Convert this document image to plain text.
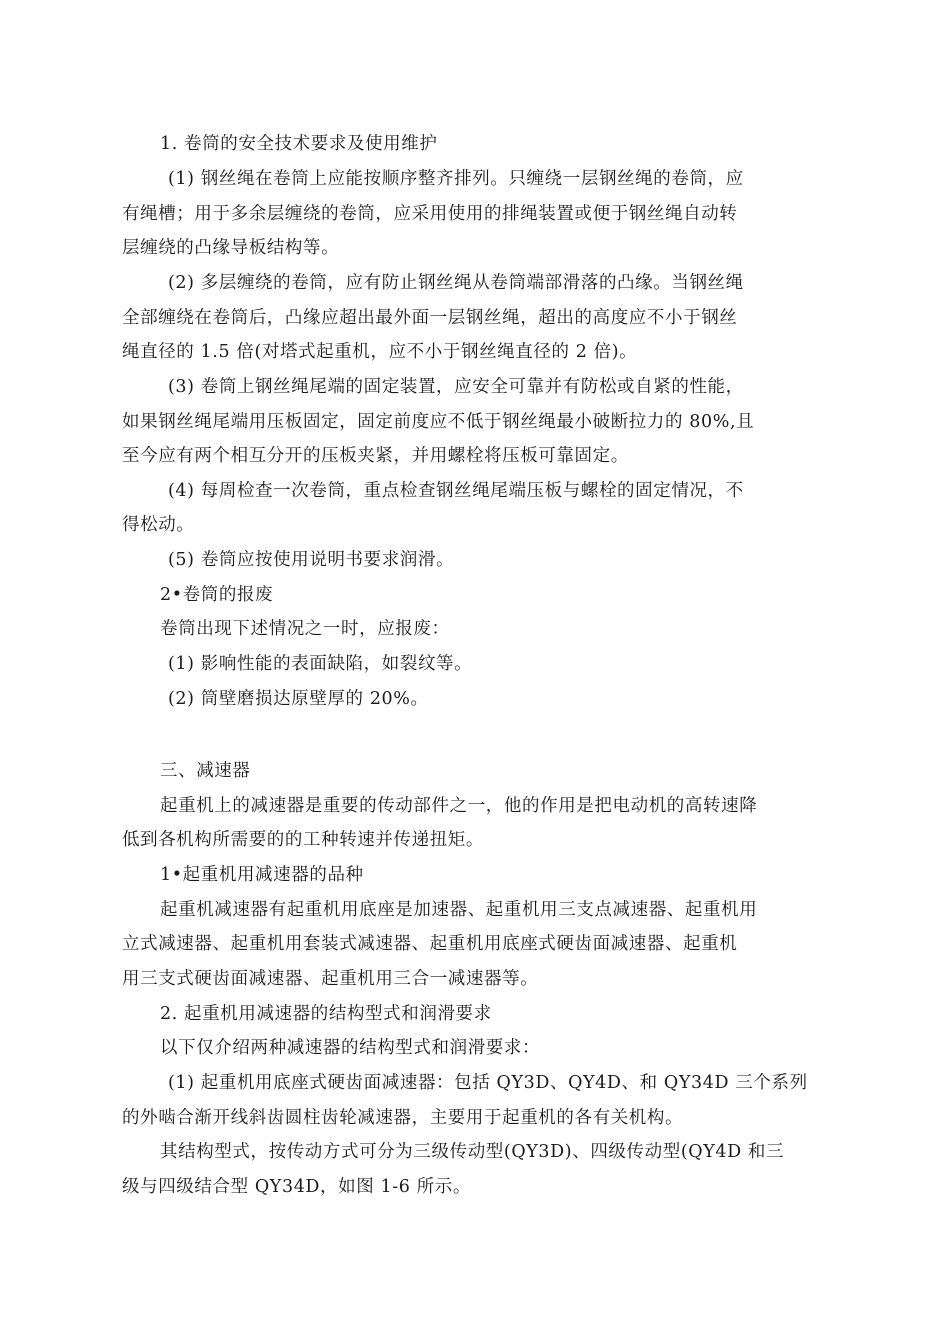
1. 卷筒的安全技术要求及使用维护
(1) 钢丝绳在卷筒上应能按顺序整齐排列。只缠绕一层钢丝绳的卷筒，应
有绳槽；用于多余层缠绕的卷筒，应采用使用的排绳装置或便于钢丝绳自动转
层缠绕的凸缘导板结构等。
(2) 多层缠绕的卷筒，应有防止钢丝绳从卷筒端部滑落的凸缘。当钢丝绳
全部缠绕在卷筒后，凸缘应超出最外面一层钢丝绳，超出的高度应不小于钢丝
绳直径的 1.5 倍(对塔式起重机，应不小于钢丝绳直径的 2 倍)。
(3) 卷筒上钢丝绳尾端的固定装置，应安全可靠并有防松或自紧的性能，
如果钢丝绳尾端用压板固定，固定前度应不低于钢丝绳最小破断拉力的 80%,且
至今应有两个相互分开的压板夹紧，并用螺栓将压板可靠固定。
(4) 每周检查一次卷筒，重点检查钢丝绳尾端压板与螺栓的固定情况，不
得松动。
(5) 卷筒应按使用说明书要求润滑。
2•卷筒的报废
卷筒出现下述情况之一时，应报废：
(1) 影响性能的表面缺陷，如裂纹等。
(2) 筒壁磨损达原壁厚的 20%。
三、减速器
起重机上的减速器是重要的传动部件之一，他的作用是把电动机的高转速降
低到各机构所需要的的工种转速并传递扭矩。
1•起重机用减速器的品种
起重机减速器有起重机用底座是加速器、起重机用三支点减速器、起重机用
立式减速器、起重机用套装式减速器、起重机用底座式硬齿面减速器、起重机
用三支式硬齿面减速器、起重机用三合一减速器等。
2. 起重机用减速器的结构型式和润滑要求
以下仅介绍两种减速器的结构型式和润滑要求：
(1) 起重机用底座式硬齿面减速器：包括 QY3D、QY4D、和 QY34D 三个系列
的外啮合渐开线斜齿圆柱齿轮减速器，主要用于起重机的各有关机构。
其结构型式，按传动方式可分为三级传动型(QY3D)、四级传动型(QY4D 和三
级与四级结合型 QY34D，如图 1-6 所示。
